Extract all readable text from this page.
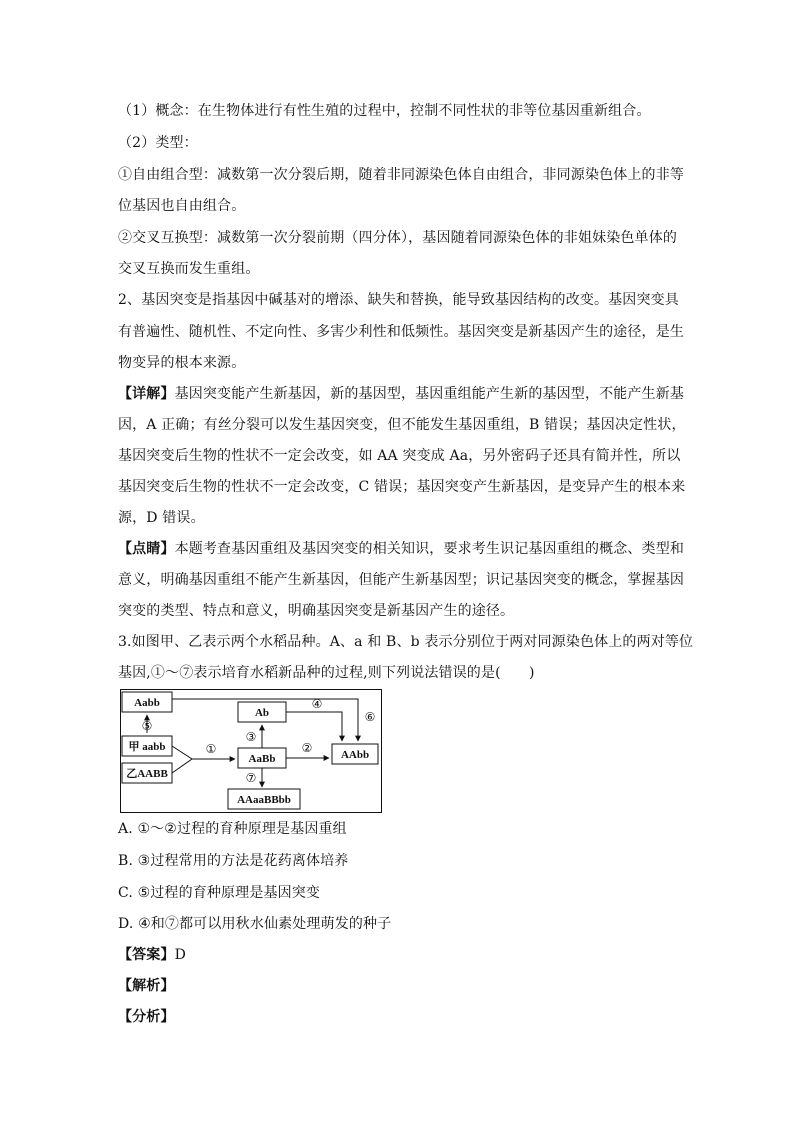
（1）概念：在生物体进行有性生殖的过程中，控制不同性状的非等位基因重新组合。
（2）类型：
①自由组合型：减数第一次分裂后期，随着非同源染色体自由组合，非同源染色体上的非等
位基因也自由组合。
②交叉互换型：减数第一次分裂前期（四分体），基因随着同源染色体的非姐妹染色单体的
交叉互换而发生重组。
2、基因突变是指基因中碱基对的增添、缺失和替换，能导致基因结构的改变。基因突变具
有普遍性、随机性、不定向性、多害少利性和低频性。基因突变是新基因产生的途径，是生
物变异的根本来源。
【详解】基因突变能产生新基因，新的基因型，基因重组能产生新的基因型，不能产生新基
因，A 正确；有丝分裂可以发生基因突变，但不能发生基因重组，B 错误；基因决定性状，
基因突变后生物的性状不一定会改变，如 AA 突变成 Aa，另外密码子还具有简并性，所以
基因突变后生物的性状不一定会改变，C 错误；基因突变产生新基因，是变异产生的根本来
源，D 错误。
【点睛】本题考查基因重组及基因突变的相关知识，要求考生识记基因重组的概念、类型和
意义，明确基因重组不能产生新基因，但能产生新基因型；识记基因突变的概念，掌握基因
突变的类型、特点和意义，明确基因突变是新基因产生的途径。
3.如图甲、乙表示两个水稻品种。A、a 和 B、b 表示分别位于两对同源染色体上的两对等位
基因,①～⑦表示培育水稻新品种的过程,则下列说法错误的是(　　)
Aabb
⑤
甲 aabb
乙AABB
①
Ab
AaBb
③
④
⑥
AAbb
②
⑦
AAaaBBbb
A. ①～②过程的育种原理是基因重组
B. ③过程常用的方法是花药离体培养
C. ⑤过程的育种原理是基因突变
D. ④和⑦都可以用秋水仙素处理萌发的种子
【答案】D
【解析】
【分析】
